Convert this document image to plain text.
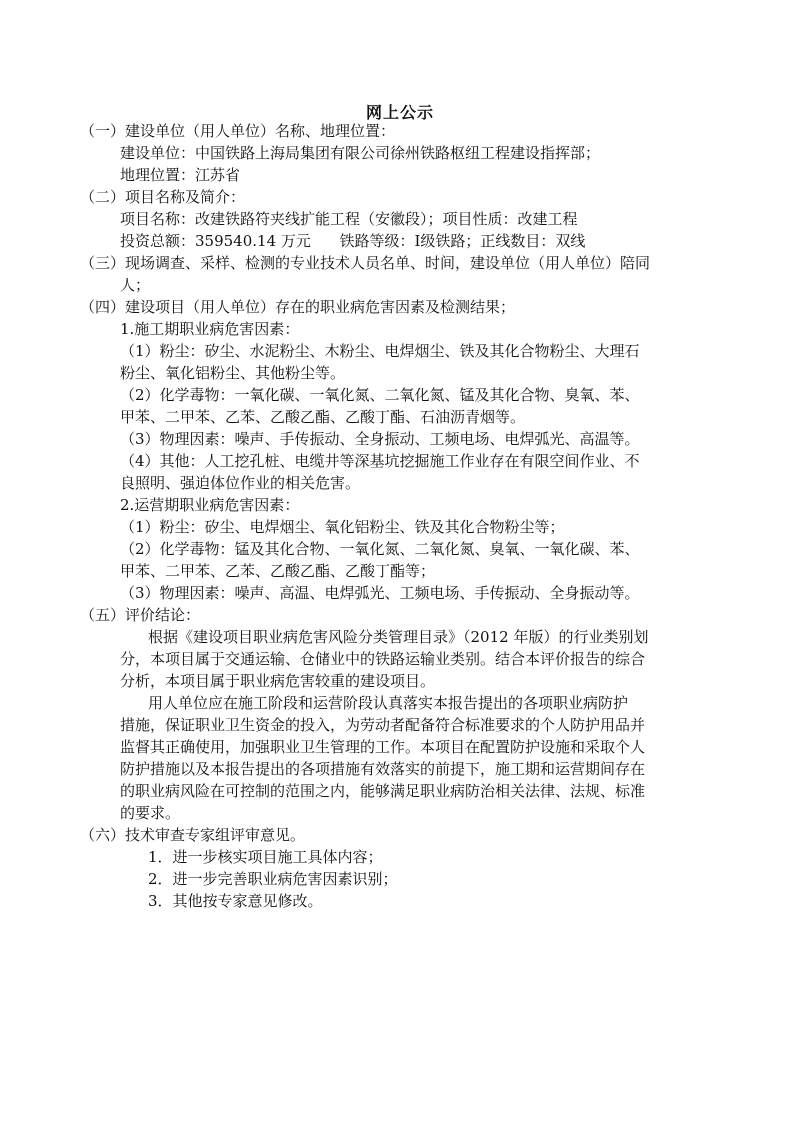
网上公示
（一）建设单位（用人单位）名称、地理位置：
建设单位：中国铁路上海局集团有限公司徐州铁路枢纽工程建设指挥部；
地理位置：江苏省
（二）项目名称及简介：
项目名称：改建铁路符夹线扩能工程（安徽段）；项目性质：改建工程
投资总额：359540.14 万元      铁路等级：Ⅰ级铁路；正线数目：双线
（三）现场调查、采样、检测的专业技术人员名单、时间，建设单位（用人单位）陪同
人；
（四）建设项目（用人单位）存在的职业病危害因素及检测结果；
1.施工期职业病危害因素：
（1）粉尘：矽尘、水泥粉尘、木粉尘、电焊烟尘、铁及其化合物粉尘、大理石
粉尘、氧化铝粉尘、其他粉尘等。
（2）化学毒物：一氧化碳、一氧化氮、二氧化氮、锰及其化合物、臭氧、苯、
甲苯、二甲苯、乙苯、乙酸乙酯、乙酸丁酯、石油沥青烟等。
（3）物理因素：噪声、手传振动、全身振动、工频电场、电焊弧光、高温等。
（4）其他：人工挖孔桩、电缆井等深基坑挖掘施工作业存在有限空间作业、不
良照明、强迫体位作业的相关危害。
2.运营期职业病危害因素：
（1）粉尘：矽尘、电焊烟尘、氧化铝粉尘、铁及其化合物粉尘等；
（2）化学毒物：锰及其化合物、一氧化氮、二氧化氮、臭氧、一氧化碳、苯、
甲苯、二甲苯、乙苯、乙酸乙酯、乙酸丁酯等；
（3）物理因素：噪声、高温、电焊弧光、工频电场、手传振动、全身振动等。
（五）评价结论：
根据《建设项目职业病危害风险分类管理目录》（2012 年版）的行业类别划
分，本项目属于交通运输、仓储业中的铁路运输业类别。结合本评价报告的综合
分析，本项目属于职业病危害较重的建设项目。
用人单位应在施工阶段和运营阶段认真落实本报告提出的各项职业病防护
措施，保证职业卫生资金的投入，为劳动者配备符合标准要求的个人防护用品并
监督其正确使用，加强职业卫生管理的工作。本项目在配置防护设施和采取个人
防护措施以及本报告提出的各项措施有效落实的前提下，施工期和运营期间存在
的职业病风险在可控制的范围之内，能够满足职业病防治相关法律、法规、标准
的要求。
（六）技术审查专家组评审意见。
1．进一步核实项目施工具体内容；
2．进一步完善职业病危害因素识别；
3．其他按专家意见修改。
